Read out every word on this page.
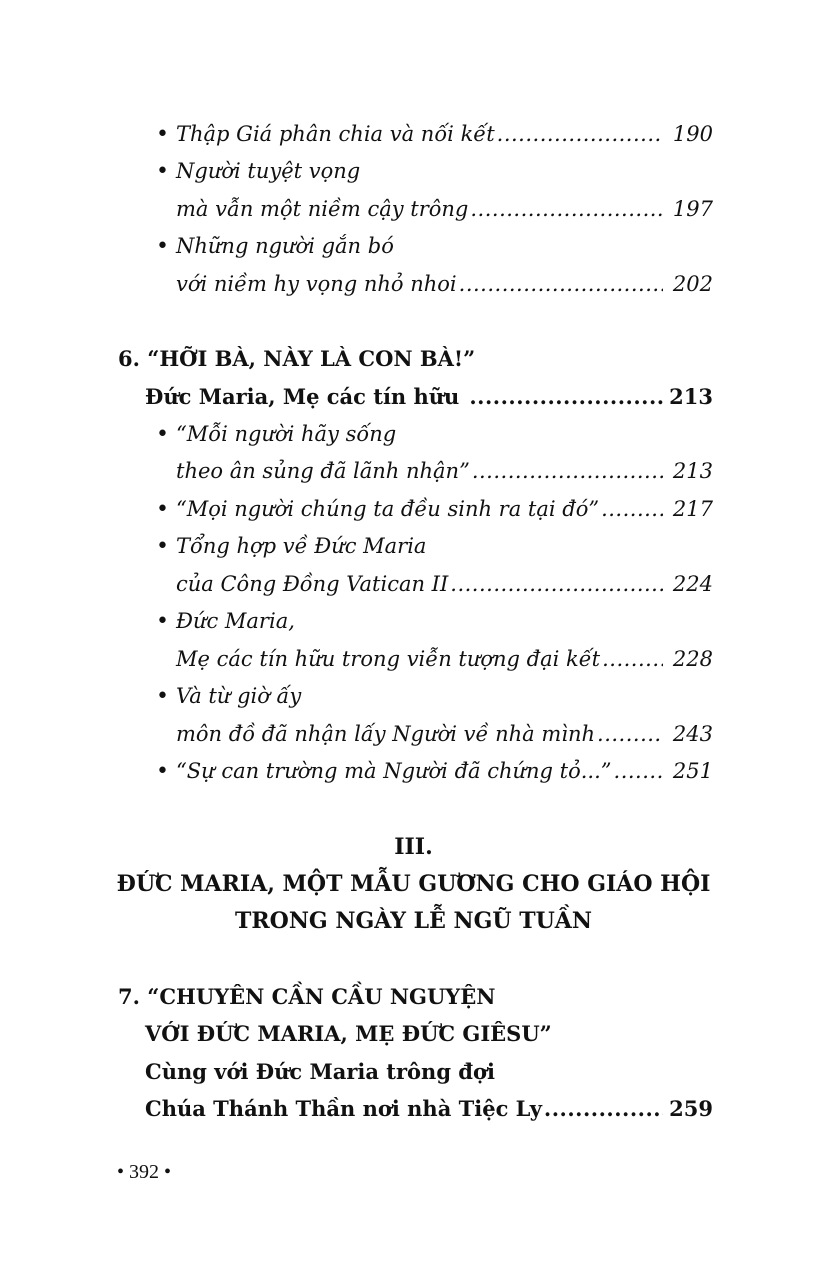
• Thập Giá phân chia và nối kết .....	190
• Người tuyệt vọng
mà vẫn một niềm cậy trông .....	197
• Những người gắn bó
với niềm hy vọng nhỏ nhoi .....	202
6. “HỠI BÀ, NÀY LÀ CON BÀ!”
Đức Maria, Mẹ các tín hữu .....	213
• “Mỗi người hãy sống
theo ân sủng đã lãnh nhận” .....	213
• “Mọi người chúng ta đều sinh ra tại đó” .....	217
• Tổng hợp về Đức Maria
của Công Đồng Vatican II .....	224
• Đức Maria,
Mẹ các tín hữu trong viễn tượng đại kết .....	228
• Và từ giờ ấy
môn đồ đã nhận lấy Người về nhà mình .....	243
• “Sự can trường mà Người đã chứng tỏ...” .....	251
III.
ĐỨC MARIA, MỘT MẪU GƯƠNG CHO GIÁO HỘI
TRONG NGÀY LỄ NGŨ TUẦN
7. “CHUYÊN CẦN CẦU NGUYỆN
VỚI ĐỨC MARIA, MẸ ĐỨC GIÊSU”
Cùng với Đức Maria trông đợi
Chúa Thánh Thần nơi nhà Tiệc Ly .....	259
• 392 •
